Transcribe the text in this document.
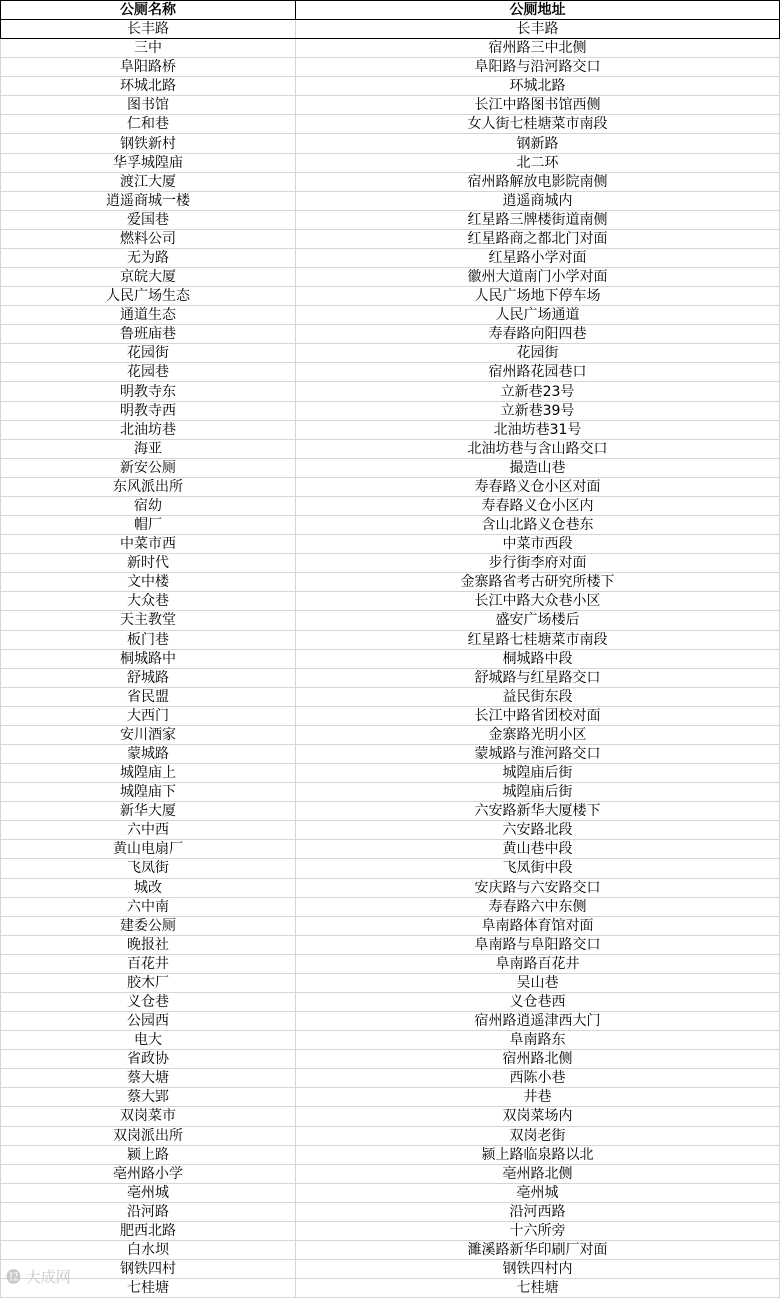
公厕名称	公厕地址
长丰路	长丰路
三中	宿州路三中北侧
阜阳路桥	阜阳路与沿河路交口
环城北路	环城北路
图书馆	长江中路图书馆西侧
仁和巷	女人街七桂塘菜市南段
钢铁新村	钢新路
华孚城隍庙	北二环
渡江大厦	宿州路解放电影院南侧
逍遥商城一楼	逍遥商城内
爱国巷	红星路三牌楼街道南侧
燃料公司	红星路商之都北门对面
无为路	红星路小学对面
京皖大厦	徽州大道南门小学对面
人民广场生态	人民广场地下停车场
通道生态	人民广场通道
鲁班庙巷	寿春路向阳四巷
花园街	花园街
花园巷	宿州路花园巷口
明教寺东	立新巷23号
明教寺西	立新巷39号
北油坊巷	北油坊巷31号
海亚	北油坊巷与含山路交口
新安公厕	撮造山巷
东风派出所	寿春路义仓小区对面
宿幼	寿春路义仓小区内
帽厂	含山北路义仓巷东
中菜市西	中菜市西段
新时代	步行街李府对面
文中楼	金寨路省考古研究所楼下
大众巷	长江中路大众巷小区
天主教堂	盛安广场楼后
板门巷	红星路七桂塘菜市南段
桐城路中	桐城路中段
舒城路	舒城路与红星路交口
省民盟	益民街东段
大西门	长江中路省团校对面
安川酒家	金寨路光明小区
蒙城路	蒙城路与淮河路交口
城隍庙上	城隍庙后街
城隍庙下	城隍庙后街
新华大厦	六安路新华大厦楼下
六中西	六安路北段
黄山电扇厂	黄山巷中段
飞凤街	飞凤街中段
城改	安庆路与六安路交口
六中南	寿春路六中东侧
建委公厕	阜南路体育馆对面
晚报社	阜南路与阜阳路交口
百花井	阜南路百花井
胶木厂	吴山巷
义仓巷	义仓巷西
公园西	宿州路逍遥津西大门
电大	阜南路东
省政协	宿州路北侧
蔡大塘	西陈小巷
蔡大郢	井巷
双岗菜市	双岗菜场内
双岗派出所	双岗老街
颍上路	颍上路临泉路以北
亳州路小学	亳州路北侧
亳州城	亳州城
沿河路	沿河西路
肥西北路	十六所旁
白水坝	濉溪路新华印刷厂对面
钢铁四村	钢铁四村内
七桂塘	七桂塘
⓬ 大成网
